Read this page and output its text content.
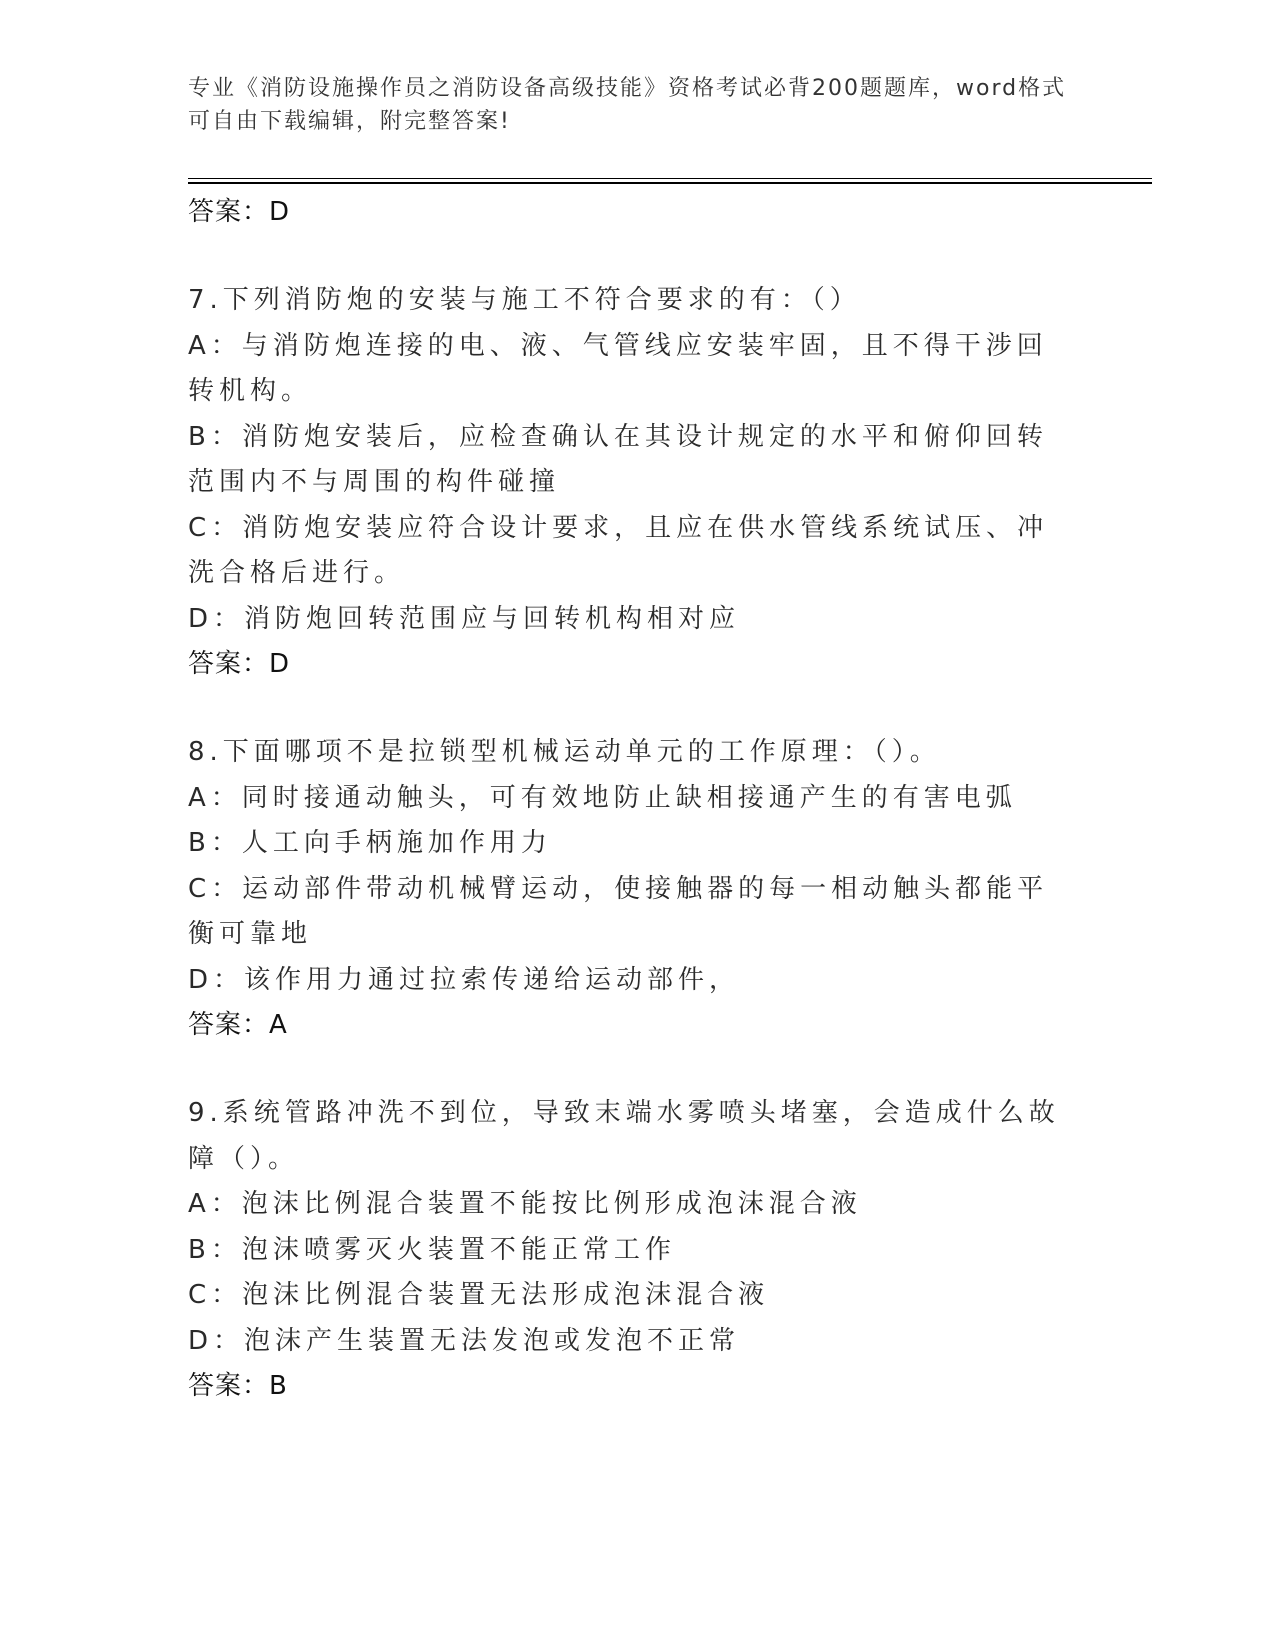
专业《消防设施操作员之消防设备高级技能》资格考试必背200题题库，word格式可自由下载编辑，附完整答案!
答案：D
7.下列消防炮的安装与施工不符合要求的有：（）
A：与消防炮连接的电、液、气管线应安装牢固，且不得干涉回转机构。
B：消防炮安装后，应检查确认在其设计规定的水平和俯仰回转范围内不与周围的构件碰撞
C：消防炮安装应符合设计要求，且应在供水管线系统试压、冲洗合格后进行。
D：消防炮回转范围应与回转机构相对应
答案：D
8.下面哪项不是拉锁型机械运动单元的工作原理：（）。
A：同时接通动触头，可有效地防止缺相接通产生的有害电弧
B：人工向手柄施加作用力
C：运动部件带动机械臂运动，使接触器的每一相动触头都能平衡可靠地
D：该作用力通过拉索传递给运动部件，
答案：A
9.系统管路冲洗不到位，导致末端水雾喷头堵塞，会造成什么故障（）。
A：泡沫比例混合装置不能按比例形成泡沫混合液
B：泡沫喷雾灭火装置不能正常工作
C：泡沫比例混合装置无法形成泡沫混合液
D：泡沫产生装置无法发泡或发泡不正常
答案：B
